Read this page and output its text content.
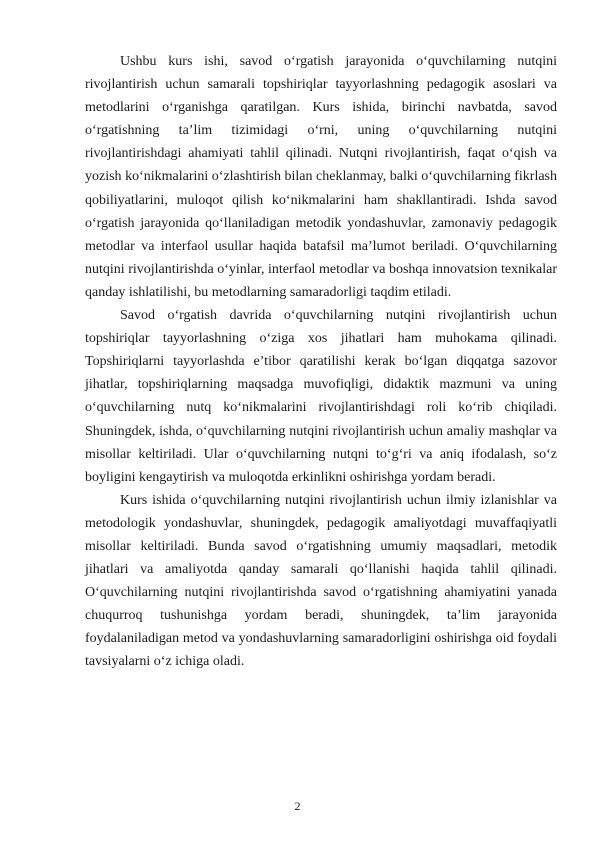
Ushbu kurs ishi, savod o‘rgatish jarayonida o‘quvchilarning nutqini rivojlantirish uchun samarali topshiriqlar tayyorlashning pedagogik asoslari va metodlarini o‘rganishga qaratilgan. Kurs ishida, birinchi navbatda, savod o‘rgatishning ta’lim tizimidagi o‘rni, uning o‘quvchilarning nutqini rivojlantirishdagi ahamiyati tahlil qilinadi. Nutqni rivojlantirish, faqat o‘qish va yozish ko‘nikmalarini o‘zlashtirish bilan cheklanmay, balki o‘quvchilarning fikrlash qobiliyatlarini, muloqot qilish ko‘nikmalarini ham shakllantiradi. Ishda savod o‘rgatish jarayonida qo‘llaniladigan metodik yondashuvlar, zamonaviy pedagogik metodlar va interfaol usullar haqida batafsil ma’lumot beriladi. O‘quvchilarning nutqini rivojlantirishda o‘yinlar, interfaol metodlar va boshqa innovatsion texnikalar qanday ishlatilishi, bu metodlarning samaradorligi taqdim etiladi.

Savod o‘rgatish davrida o‘quvchilarning nutqini rivojlantirish uchun topshiriqlar tayyorlashning o‘ziga xos jihatlari ham muhokama qilinadi. Topshiriqlarni tayyorlashda e’tibor qaratilishi kerak bo‘lgan diqqatga sazovor jihatlar, topshiriqlarning maqsadga muvofiqligi, didaktik mazmuni va uning o‘quvchilarning nutq ko‘nikmalarini rivojlantirishdagi roli ko‘rib chiqiladi. Shuningdek, ishda, o‘quvchilarning nutqini rivojlantirish uchun amaliy mashqlar va misollar keltiriladi. Ular o‘quvchilarning nutqni to‘g‘ri va aniq ifodalash, so‘z boyligini kengaytirish va muloqotda erkinlikni oshirishga yordam beradi.

Kurs ishida o‘quvchilarning nutqini rivojlantirish uchun ilmiy izlanishlar va metodologik yondashuvlar, shuningdek, pedagogik amaliyotdagi muvaffaqiyatli misollar keltiriladi. Bunda savod o‘rgatishning umumiy maqsadlari, metodik jihatlari va amaliyotda qanday samarali qo‘llanishi haqida tahlil qilinadi. O‘quvchilarning nutqini rivojlantirishda savod o‘rgatishning ahamiyatini yanada chuqurroq tushunishga yordam beradi, shuningdek, ta’lim jarayonida foydalaniladigan metod va yondashuvlarning samaradorligini oshirishga oid foydali tavsiyalarni o‘z ichiga oladi.

2
